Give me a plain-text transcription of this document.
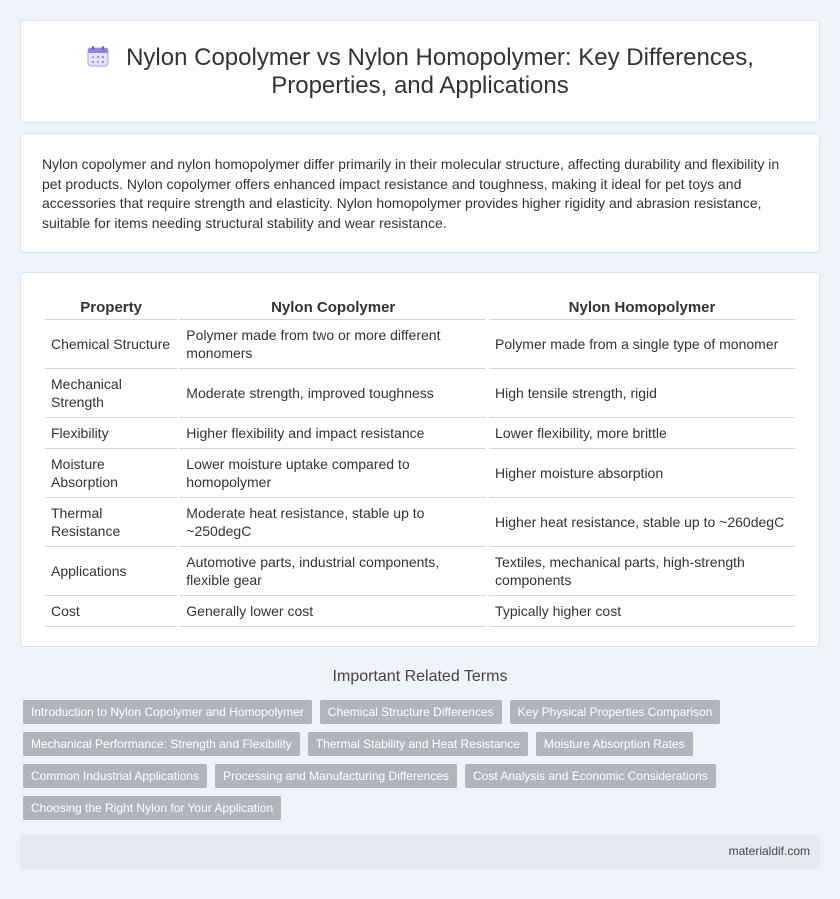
Nylon Copolymer vs Nylon Homopolymer: Key Differences,
Properties, and Applications

Nylon copolymer and nylon homopolymer differ primarily in their molecular structure, affecting durability and flexibility in pet products. Nylon copolymer offers enhanced impact resistance and toughness, making it ideal for pet toys and accessories that require strength and elasticity. Nylon homopolymer provides higher rigidity and abrasion resistance, suitable for items needing structural stability and wear resistance.

Property	Nylon Copolymer	Nylon Homopolymer
Chemical Structure	Polymer made from two or more different monomers	Polymer made from a single type of monomer
Mechanical Strength	Moderate strength, improved toughness	High tensile strength, rigid
Flexibility	Higher flexibility and impact resistance	Lower flexibility, more brittle
Moisture Absorption	Lower moisture uptake compared to homopolymer	Higher moisture absorption
Thermal Resistance	Moderate heat resistance, stable up to ~250degC	Higher heat resistance, stable up to ~260degC
Applications	Automotive parts, industrial components, flexible gear	Textiles, mechanical parts, high-strength components
Cost	Generally lower cost	Typically higher cost
Important Related Terms
Introduction to Nylon Copolymer and Homopolymer	Chemical Structure Differences	Key Physical Properties Comparison
Mechanical Performance: Strength and Flexibility	Thermal Stability and Heat Resistance	Moisture Absorption Rates
Common Industrial Applications	Processing and Manufacturing Differences	Cost Analysis and Economic Considerations
Choosing the Right Nylon for Your Application
materialdif.com
